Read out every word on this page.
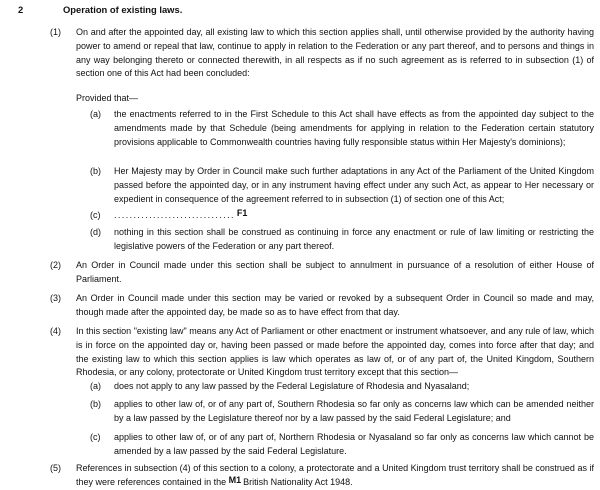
2	Operation of existing laws.
(1) On and after the appointed day, all existing law to which this section applies shall, until otherwise provided by the authority having power to amend or repeal that law, continue to apply in relation to the Federation or any part thereof, and to persons and things in any way belonging thereto or connected therewith, in all respects as if no such agreement as is referred to in subsection (1) of section one of this Act had been concluded:
Provided that—
(a) the enactments referred to in the First Schedule to this Act shall have effects as from the appointed day subject to the amendments made by that Schedule (being amendments for applying in relation to the Federation certain statutory provisions applicable to Commonwealth countries having fully responsible status within Her Majesty's dominions);
(b) Her Majesty may by Order in Council make such further adaptations in any Act of the Parliament of the United Kingdom passed before the appointed day, or in any instrument having effect under any such Act, as appear to Her necessary or expedient in consequence of the agreement referred to in subsection (1) of section one of this Act;
(c) ............................... F1
(d) nothing in this section shall be construed as continuing in force any enactment or rule of law limiting or restricting the legislative powers of the Federation or any part thereof.
(2) An Order in Council made under this section shall be subject to annulment in pursuance of a resolution of either House of Parliament.
(3) An Order in Council made under this section may be varied or revoked by a subsequent Order in Council so made and may, though made after the appointed day, be made so as to have effect from that day.
(4) In this section "existing law" means any Act of Parliament or other enactment or instrument whatsoever, and any rule of law, which is in force on the appointed day or, having been passed or made before the appointed day, comes into force after that day; and the existing law to which this section applies is law which operates as law of, or of any part of, the United Kingdom, Southern Rhodesia, or any colony, protectorate or United Kingdom trust territory except that this section—
(a) does not apply to any law passed by the Federal Legislature of Rhodesia and Nyasaland;
(b) applies to other law of, or of any part of, Southern Rhodesia so far only as concerns law which can be amended neither by a law passed by the Legislature thereof nor by a law passed by the said Federal Legislature; and
(c) applies to other law of, or of any part of, Northern Rhodesia or Nyasaland so far only as concerns law which cannot be amended by a law passed by the said Federal Legislature.
(5) References in subsection (4) of this section to a colony, a protectorate and a United Kingdom trust territory shall be construed as if they were references contained in the M1 British Nationality Act 1948.
